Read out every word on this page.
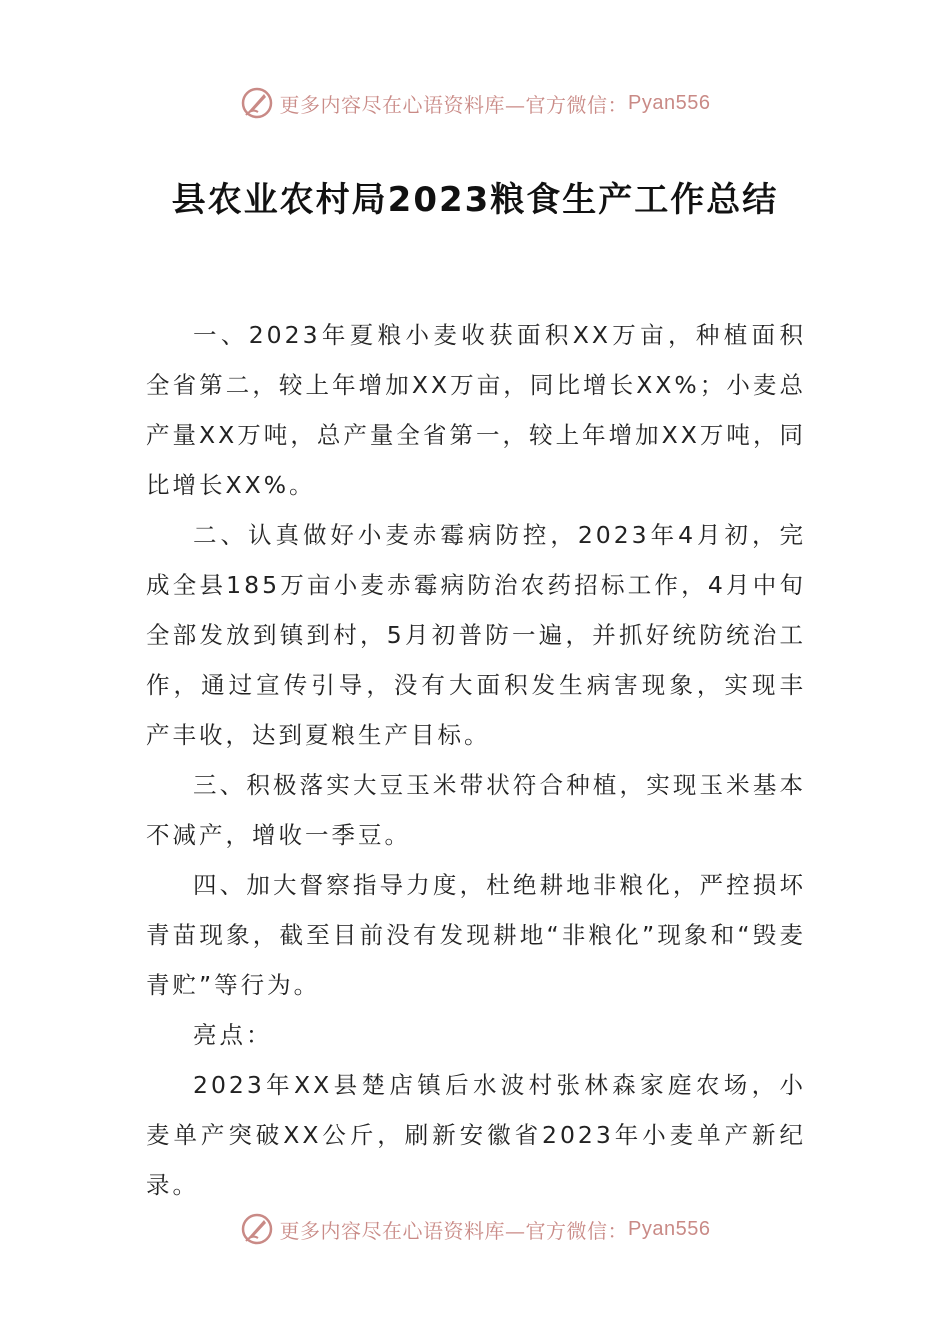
更多内容尽在心语资料库—官方微信： Pyan556
县农业农村局2023粮食生产工作总结

一、2023年夏粮小麦收获面积XX万亩，种植面积全省第二，较上年增加XX万亩，同比增长XX%；小麦总产量XX万吨，总产量全省第一，较上年增加XX万吨，同比增长XX%。

二、认真做好小麦赤霉病防控，2023年4月初，完成全县185万亩小麦赤霉病防治农药招标工作，4月中旬全部发放到镇到村，5月初普防一遍，并抓好统防统治工作，通过宣传引导，没有大面积发生病害现象，实现丰产丰收，达到夏粮生产目标。

三、积极落实大豆玉米带状符合种植，实现玉米基本不减产，增收一季豆。

四、加大督察指导力度，杜绝耕地非粮化，严控损坏青苗现象，截至目前没有发现耕地“非粮化”现象和“毁麦青贮”等行为。

亮点：

2023年XX县楚店镇后水波村张林森家庭农场，小麦单产突破XX公斤，刷新安徽省2023年小麦单产新纪录。

更多内容尽在心语资料库—官方微信： Pyan556
